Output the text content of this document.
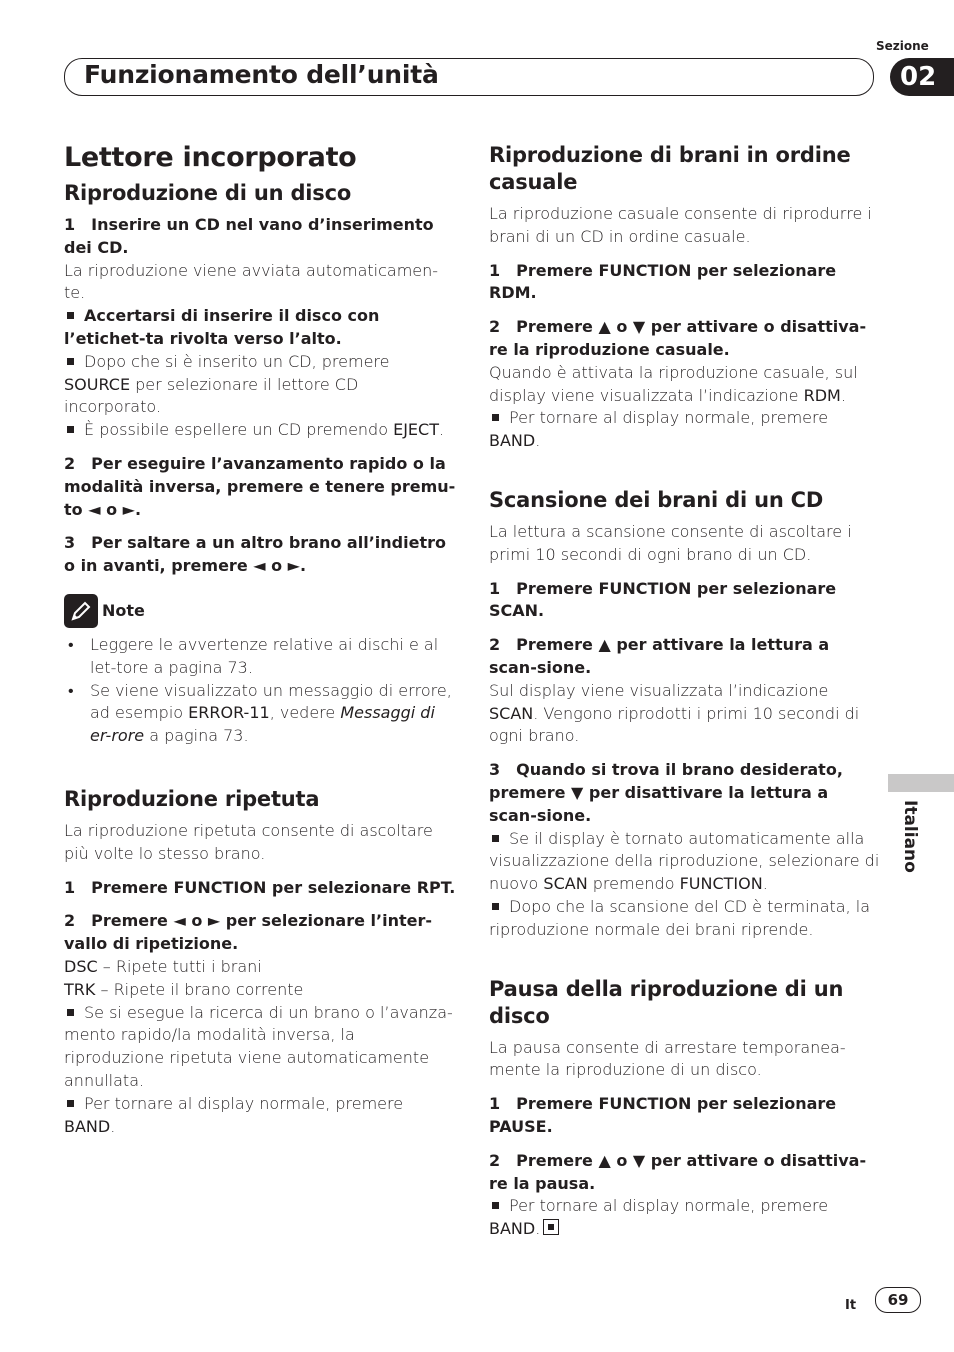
Sezione
Funzionamento dell’unità	02
Lettore incorporato
Riproduzione di un disco

1 Inserire un CD nel vano d’inserimento dei CD.

La riproduzione viene avviata automaticamen-te.

Accertarsi di inserire il disco con l’etichet-ta rivolta verso l’alto.

Dopo che si è inserito un CD, premere
SOURCE per selezionare il lettore CD incorporato.

È possibile espellere un CD premendo EJECT.

2 Per eseguire l’avanzamento rapido o la modalità inversa, premere e tenere premu-to ◄ o ►.

3 Per saltare a un altro brano all’indietro o in avanti, premere ◄ o ►.

Note
• Leggere le avvertenze relative ai dischi e al let-tore a pagina 73.
• Se viene visualizzato un messaggio di errore, ad esempio ERROR-11, vedere Messaggi di er-rore a pagina 73.
Riproduzione ripetuta

La riproduzione ripetuta consente di ascoltare più volte lo stesso brano.

1 Premere FUNCTION per selezionare RPT.

2 Premere ◄ o ► per selezionare l’inter-vallo di ripetizione.

DSC – Ripete tutti i brani

TRK – Ripete il brano corrente

Se si esegue la ricerca di un brano o l’avanza-mento rapido/la modalità inversa, la riproduzione ripetuta viene automaticamente annullata.

Per tornare al display normale, premere
BAND.

Riproduzione di brani in ordine casuale

La riproduzione casuale consente di riprodurre i brani di un CD in ordine casuale.

1 Premere FUNCTION per selezionare RDM.

2 Premere ▲ o ▼ per attivare o disattiva-re la riproduzione casuale.

Quando è attivata la riproduzione casuale, sul display viene visualizzata l’indicazione RDM.

Per tornare al display normale, premere
BAND.

Scansione dei brani di un CD

La lettura a scansione consente di ascoltare i primi 10 secondi di ogni brano di un CD.

1 Premere FUNCTION per selezionare SCAN.

2 Premere ▲ per attivare la lettura a scan-sione.

Sul display viene visualizzata l’indicazione
SCAN. Vengono riprodotti i primi 10 secondi di ogni brano.

3 Quando si trova il brano desiderato, premere ▼ per disattivare la lettura a scan-sione.

Se il display è tornato automaticamente alla visualizzazione della riproduzione, selezionare di nuovo SCAN premendo FUNCTION.

Dopo che la scansione del CD è terminata, la riproduzione normale dei brani riprende.

Pausa della riproduzione di un disco

La pausa consente di arrestare temporanea-mente la riproduzione di un disco.

1 Premere FUNCTION per selezionare PAUSE.

2 Premere ▲ o ▼ per attivare o disattiva-re la pausa.

Per tornare al display normale, premere
BAND.

Italiano
It	69
